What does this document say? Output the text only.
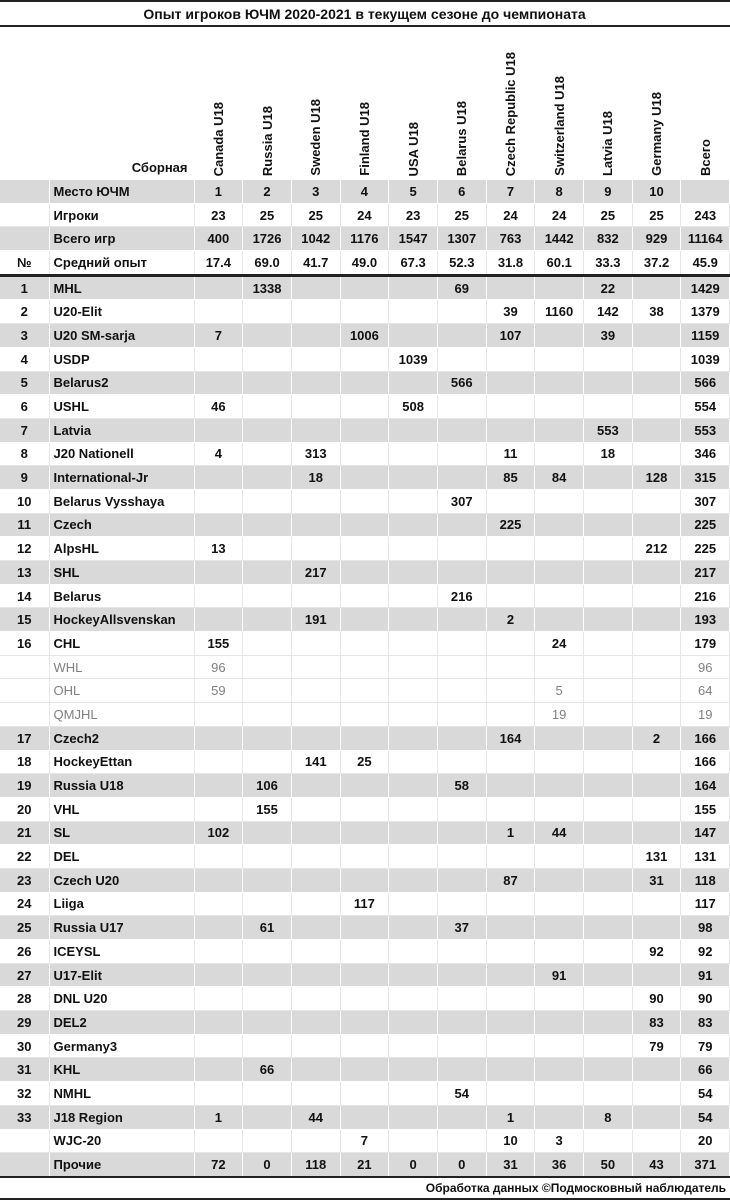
Опыт игроков ЮЧМ 2020-2021 в текущем сезоне до чемпионата												
	Сборная	Canada U18	Russia U18	Sweden U18	Finland U18	USA U18	Belarus U18	Czech Republic U18	Switzerland U18	Latvia U18	Germany U18	Всего
	Место ЮЧМ	1	2	3	4	5	6	7	8	9	10	
	Игроки	23	25	25	24	23	25	24	24	25	25	243
	Всего игр	400	1726	1042	1176	1547	1307	763	1442	832	929	11164
№	Средний опыт	17.4	69.0	41.7	49.0	67.3	52.3	31.8	60.1	33.3	37.2	45.9
1	MHL		1338				69			22		1429
2	U20-Elit							39	1160	142	38	1379
3	U20 SM-sarja	7			1006			107		39		1159
4	USDP					1039						1039
5	Belarus2						566					566
6	USHL	46				508						554
7	Latvia									553		553
8	J20 Nationell	4		313				11		18		346
9	International-Jr			18				85	84		128	315
10	Belarus Vysshaya						307					307
11	Czech							225				225
12	AlpsHL	13									212	225
13	SHL			217								217
14	Belarus						216					216
15	HockeyAllsvenskan			191				2				193
16	CHL	155							24			179
	WHL	96										96
	OHL	59							5			64
	QMJHL								19			19
17	Czech2							164			2	166
18	HockeyEttan			141	25							166
19	Russia U18		106				58					164
20	VHL		155									155
21	SL	102						1	44			147
22	DEL										131	131
23	Czech U20							87			31	118
24	Liiga				117							117
25	Russia U17		61				37					98
26	ICEYSL										92	92
27	U17-Elit								91			91
28	DNL U20										90	90
29	DEL2										83	83
30	Germany3										79	79
31	KHL		66									66
32	NMHL						54					54
33	J18 Region	1		44				1		8		54
	WJC-20				7			10	3			20
	Прочие	72	0	118	21	0	0	31	36	50	43	371
Обработка данных ©Подмосковный наблюдатель												
